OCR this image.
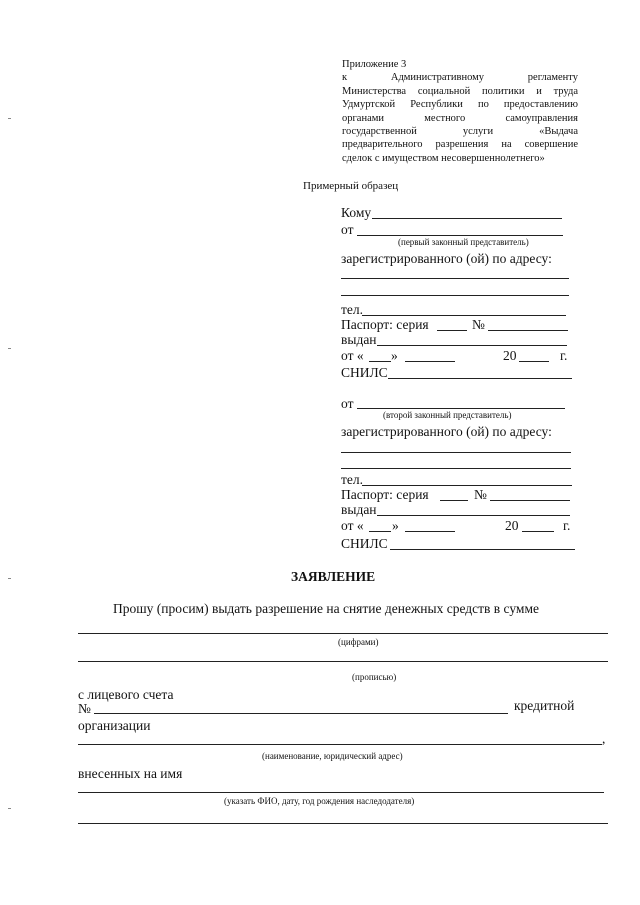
Приложение 3
к Административному регламенту
Министерства социальной политики и труда
Удмуртской Республики по предоставлению
органами местного самоуправления
государственной услуги «Выдача
предварительного разрешения на совершение
сделок с имуществом несовершеннолетнего»
Примерный образец
Кому
от
(первый законный представитель)
зарегистрированного (ой) по адресу:
тел.
Паспорт: серия	№
выдан
от « »	20	г.
СНИЛС
от
(второй законный представитель)
зарегистрированного (ой) по адресу:
тел.
Паспорт: серия	№
выдан
от « »	20	г.
СНИЛС
ЗАЯВЛЕНИЕ
Прошу (просим) выдать разрешение на снятие денежных средств в сумме
(цифрами)
(прописью)
с лицевого счета
№	кредитной
организации
,
(наименование, юридический адрес)
внесенных на имя
(указать ФИО, дату, год рождения наследодателя)
